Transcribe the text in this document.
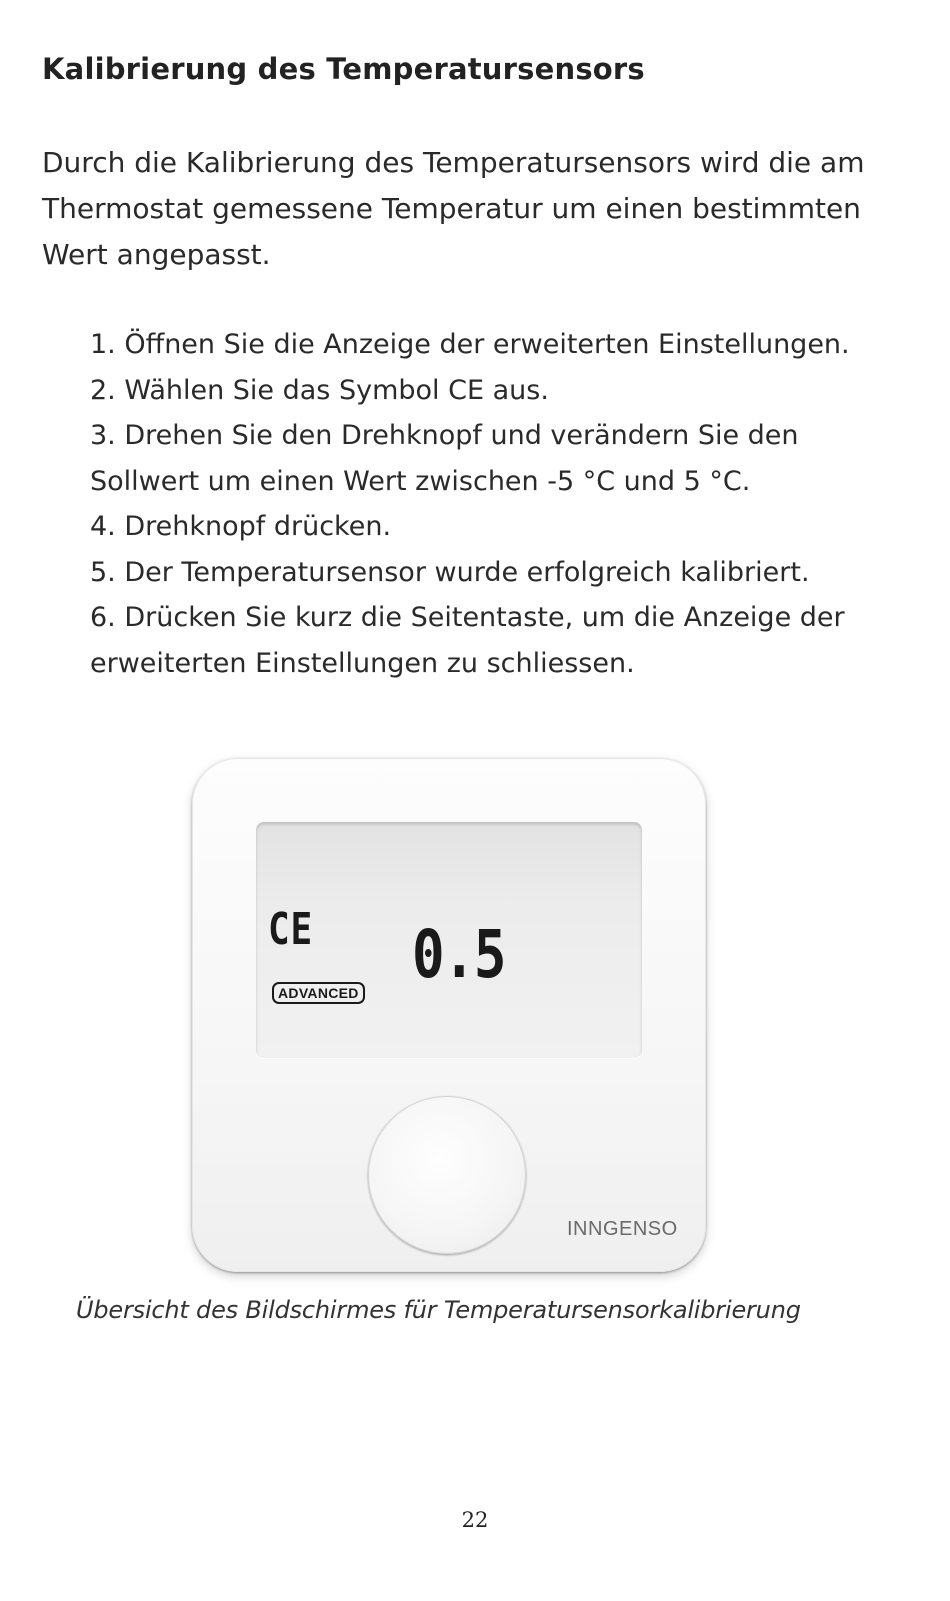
Kalibrierung des Temperatursensors

Durch die Kalibrierung des Temperatursensors wird die am Thermostat gemessene Temperatur um einen bestimmten Wert angepasst.

1. Öffnen Sie die Anzeige der erweiterten Einstellungen.
2. Wählen Sie das Symbol CE aus.
3. Drehen Sie den Drehknopf und verändern Sie den Sollwert um einen Wert zwischen -5 °C und 5 °C.
4. Drehknopf drücken.
5. Der Temperatursensor wurde erfolgreich kalibriert.
6. Drücken Sie kurz die Seitentaste, um die Anzeige der erweiterten Einstellungen zu schliessen.
CE 0.5
ADVANCED
INNGENSO

Übersicht des Bildschirmes für Temperatursensorkalibrierung

22
